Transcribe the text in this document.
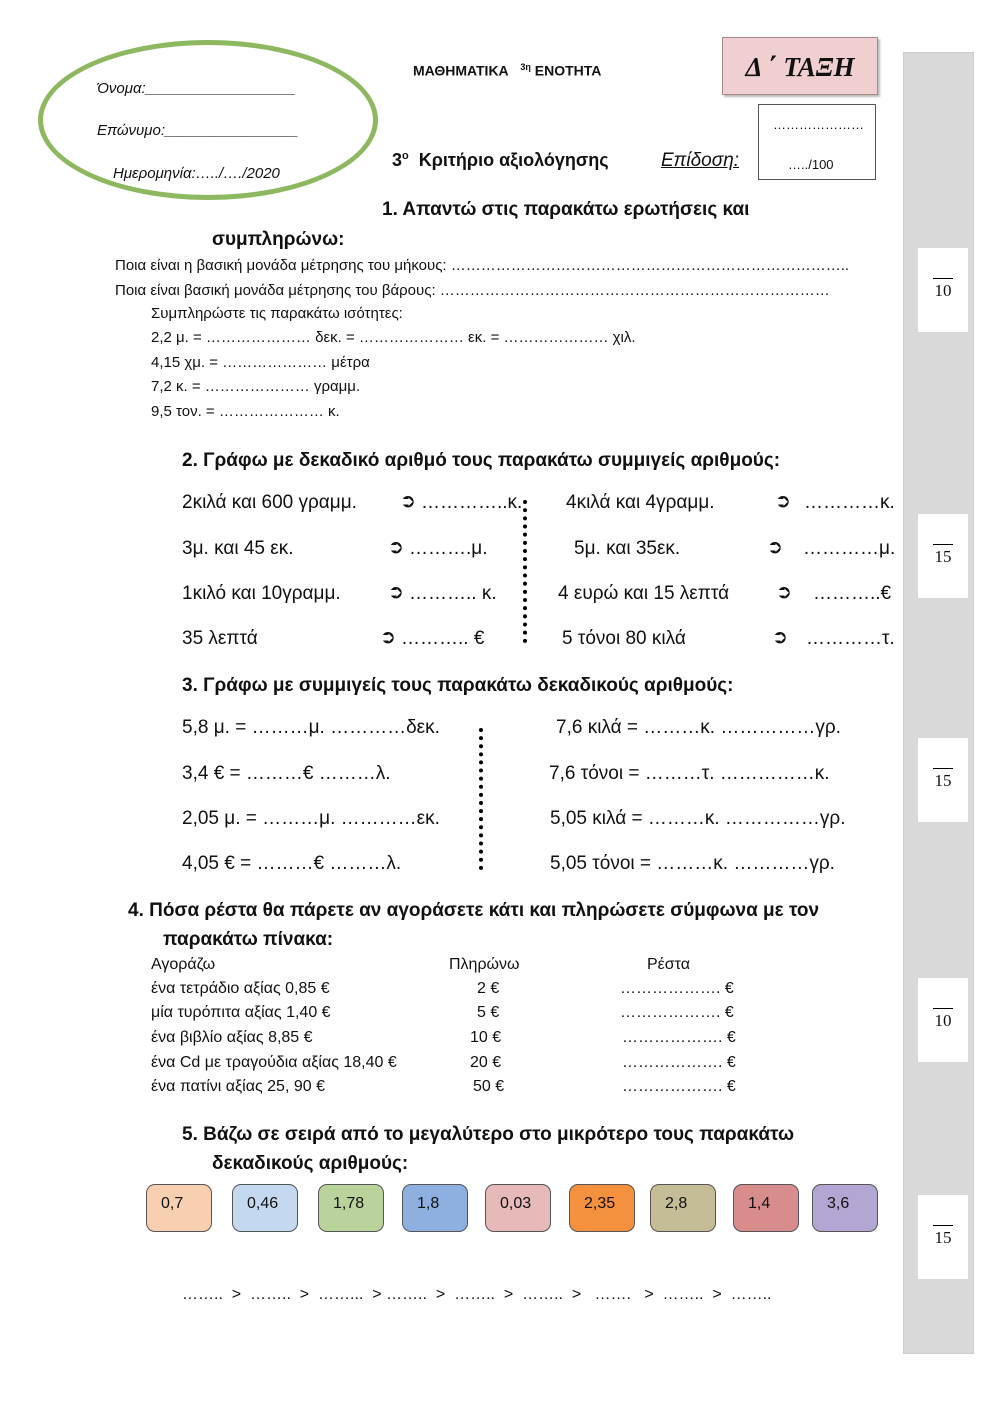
Όνομα:__________________
Επώνυμο:________________
Ημερομηνία:…../…./2020
ΜΑΘΗΜΑΤΙΚΑ $^{3\eta}$ ΕΝΟΤΗΤΑ	Δ ΄ ΤΑΞΗ
$3^o$ Κριτήριο αξιολόγησης	Επίδοση:
…………………
…../100
10
15
15
10
15
1. Απαντώ στις παρακάτω ερωτήσεις και
συμπληρώνω:
Ποια είναι η βασική μονάδα μέτρησης του μήκους: ……………………………………………………………………..
Ποια είναι βασική μονάδα μέτρησης του βάρους: ……………………………………………………………………
Συμπληρώστε τις παρακάτω ισότητες:
2,2 μ. = ………………… δεκ. = ………………… εκ. = ………………… χιλ.
4,15 χμ. = ………………… μέτρα
7,2 κ. = ………………… γραμμ.
9,5 τον. = ………………… κ.
2. Γράφω με δεκαδικό αριθμό τους παρακάτω συμμιγείς αριθμούς:
2κιλά και 600 γραμμ. ➲ …………..κ.
3μ. και 45 εκ.	➲ ……….μ.
1κιλό και 10γραμμ. ➲ ……….. κ.
35 λεπτά	➲ ……….. €
4κιλά και 4γραμμ.	➲ …………κ.
5μ. και 35εκ.	➲ …………μ.
4 ευρώ και 15 λεπτά ➲ ………..€
5 τόνοι 80 κιλά	➲ …………τ.
3. Γράφω με συμμιγείς τους παρακάτω δεκαδικούς αριθμούς:
5,8 μ. = ………μ. …………δεκ.
3,4 € = ………€ ………λ.
2,05 μ. = ………μ. …………εκ.
4,05 € = ………€ ………λ.
7,6 κιλά = ………κ. ……………γρ.
7,6 τόνοι = ………τ. ……………κ.
5,05 κιλά = ………κ. ……………γρ.
5,05 τόνοι = ………κ. …………γρ.
4. Πόσα ρέστα θα πάρετε αν αγοράσετε κάτι και πληρώσετε σύμφωνα με τον
παρακάτω πίνακα:
Αγοράζω	Πληρώνω	Ρέστα
ένα τετράδιο αξίας 0,85 €	2 €	………………. €
μία τυρόπιτα αξίας 1,40 €	5 €	………………. €
ένα βιβλίο αξίας 8,85 €	10 €	………………. €
ένα Cd με τραγούδια αξίας 18,40 €	20 €	………………. €
ένα πατίνι αξίας 25, 90 €	50 €	………………. €
5. Βάζω σε σειρά από το μεγαλύτερο στο μικρότερο τους παρακάτω
δεκαδικούς αριθμούς:
0,7	0,46	1,78	1,8	0,03	2,35	2,8	1,4	3,6
……..  >  ……..  >  ……...  > ……..  >  ……..  >  ……..  >   …….   >  ……..  >  ……..
